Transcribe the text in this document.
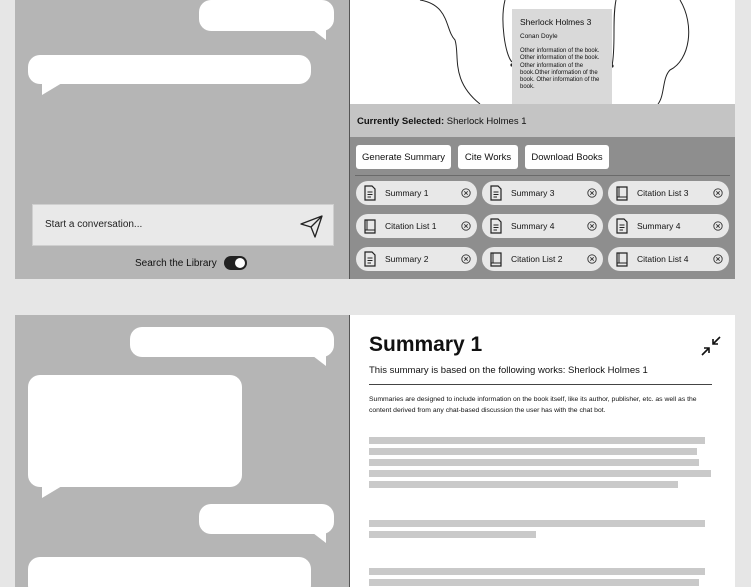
Start a conversation...
Search the Library
Sherlock Holmes 3
Conan Doyle
Other information of the book. Other information of the book. Other information of the book.Other information of the book. Other information of the book.
Currently Selected: Sherlock Holmes 1
Generate Summary	Cite Works	Download Books
Summary 1	Summary 3	Citation List 3
Citation List 1	Summary 4	Summary 4
Summary 2	Citation List 2	Citation List 4
Summary 1
This summary is based on the following works: Sherlock Holmes 1
Summaries are designed to include information on the book itself, like its author, publisher, etc. as well as the content derived from any chat-based discussion the user has with the chat bot.
